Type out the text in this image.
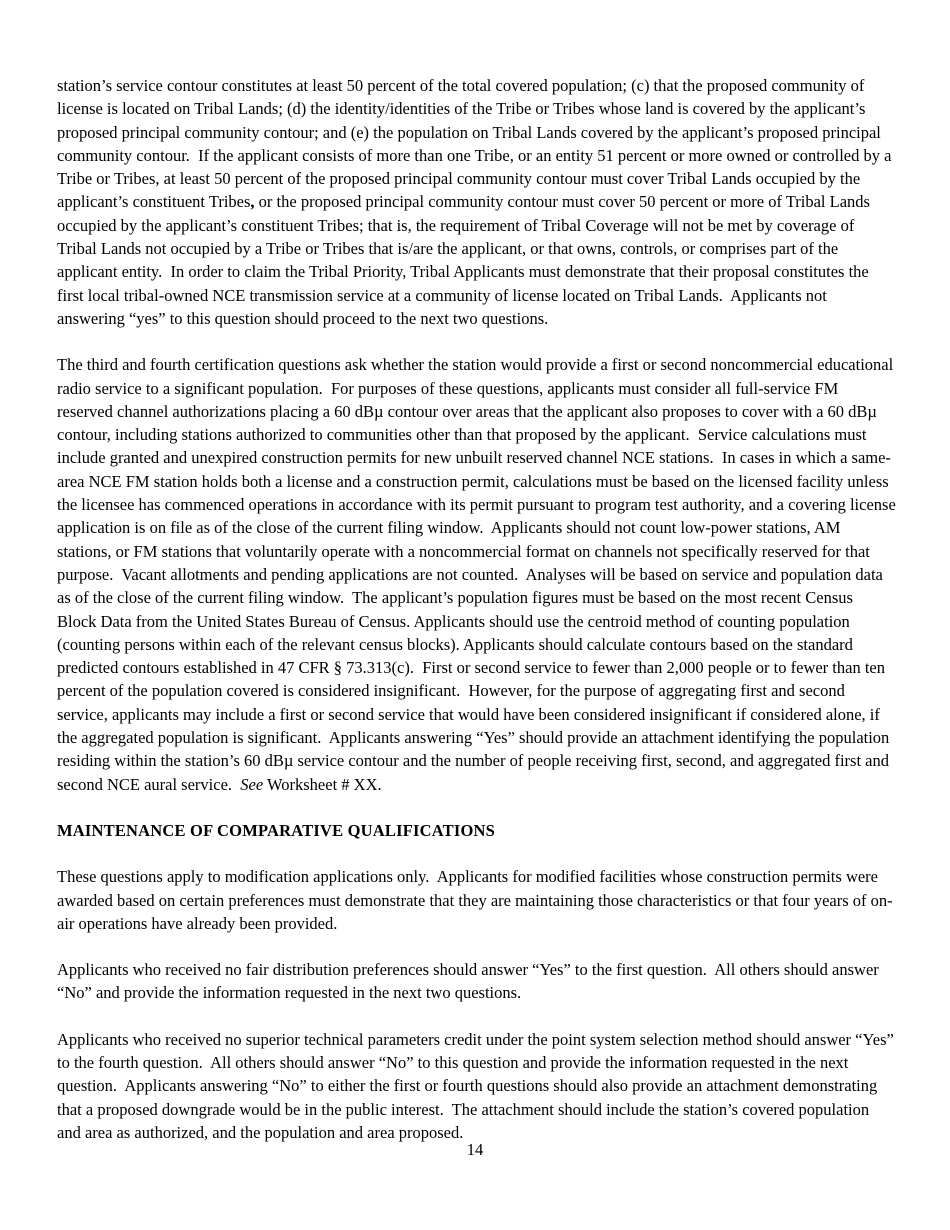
station’s service contour constitutes at least 50 percent of the total covered population; (c) that the proposed community of license is located on Tribal Lands; (d) the identity/identities of the Tribe or Tribes whose land is covered by the applicant’s proposed principal community contour; and (e) the population on Tribal Lands covered by the applicant’s proposed principal community contour.  If the applicant consists of more than one Tribe, or an entity 51 percent or more owned or controlled by a Tribe or Tribes, at least 50 percent of the proposed principal community contour must cover Tribal Lands occupied by the applicant’s constituent Tribes, or the proposed principal community contour must cover 50 percent or more of Tribal Lands occupied by the applicant’s constituent Tribes; that is, the requirement of Tribal Coverage will not be met by coverage of Tribal Lands not occupied by a Tribe or Tribes that is/are the applicant, or that owns, controls, or comprises part of the applicant entity.  In order to claim the Tribal Priority, Tribal Applicants must demonstrate that their proposal constitutes the first local tribal-owned NCE transmission service at a community of license located on Tribal Lands.  Applicants not answering “yes” to this question should proceed to the next two questions.

The third and fourth certification questions ask whether the station would provide a first or second noncommercial educational radio service to a significant population.  For purposes of these questions, applicants must consider all full-service FM reserved channel authorizations placing a 60 dBµ contour over areas that the applicant also proposes to cover with a 60 dBµ contour, including stations authorized to communities other than that proposed by the applicant.  Service calculations must include granted and unexpired construction permits for new unbuilt reserved channel NCE stations.  In cases in which a same-area NCE FM station holds both a license and a construction permit, calculations must be based on the licensed facility unless the licensee has commenced operations in accordance with its permit pursuant to program test authority, and a covering license application is on file as of the close of the current filing window.  Applicants should not count low-power stations, AM stations, or FM stations that voluntarily operate with a noncommercial format on channels not specifically reserved for that purpose.  Vacant allotments and pending applications are not counted.  Analyses will be based on service and population data as of the close of the current filing window.  The applicant’s population figures must be based on the most recent Census Block Data from the United States Bureau of Census. Applicants should use the centroid method of counting population (counting persons within each of the relevant census blocks). Applicants should calculate contours based on the standard predicted contours established in 47 CFR § 73.313(c).  First or second service to fewer than 2,000 people or to fewer than ten percent of the population covered is considered insignificant.  However, for the purpose of aggregating first and second service, applicants may include a first or second service that would have been considered insignificant if considered alone, if the aggregated population is significant.  Applicants answering “Yes” should provide an attachment identifying the population residing within the station’s 60 dBµ service contour and the number of people receiving first, second, and aggregated first and second NCE aural service.  See Worksheet # XX.

MAINTENANCE OF COMPARATIVE QUALIFICATIONS

These questions apply to modification applications only.  Applicants for modified facilities whose construction permits were awarded based on certain preferences must demonstrate that they are maintaining those characteristics or that four years of on-air operations have already been provided.

Applicants who received no fair distribution preferences should answer “Yes” to the first question.  All others should answer “No” and provide the information requested in the next two questions.

Applicants who received no superior technical parameters credit under the point system selection method should answer “Yes” to the fourth question.  All others should answer “No” to this question and provide the information requested in the next question.  Applicants answering “No” to either the first or fourth questions should also provide an attachment demonstrating that a proposed downgrade would be in the public interest.  The attachment should include the station’s covered population and area as authorized, and the population and area proposed.

14
